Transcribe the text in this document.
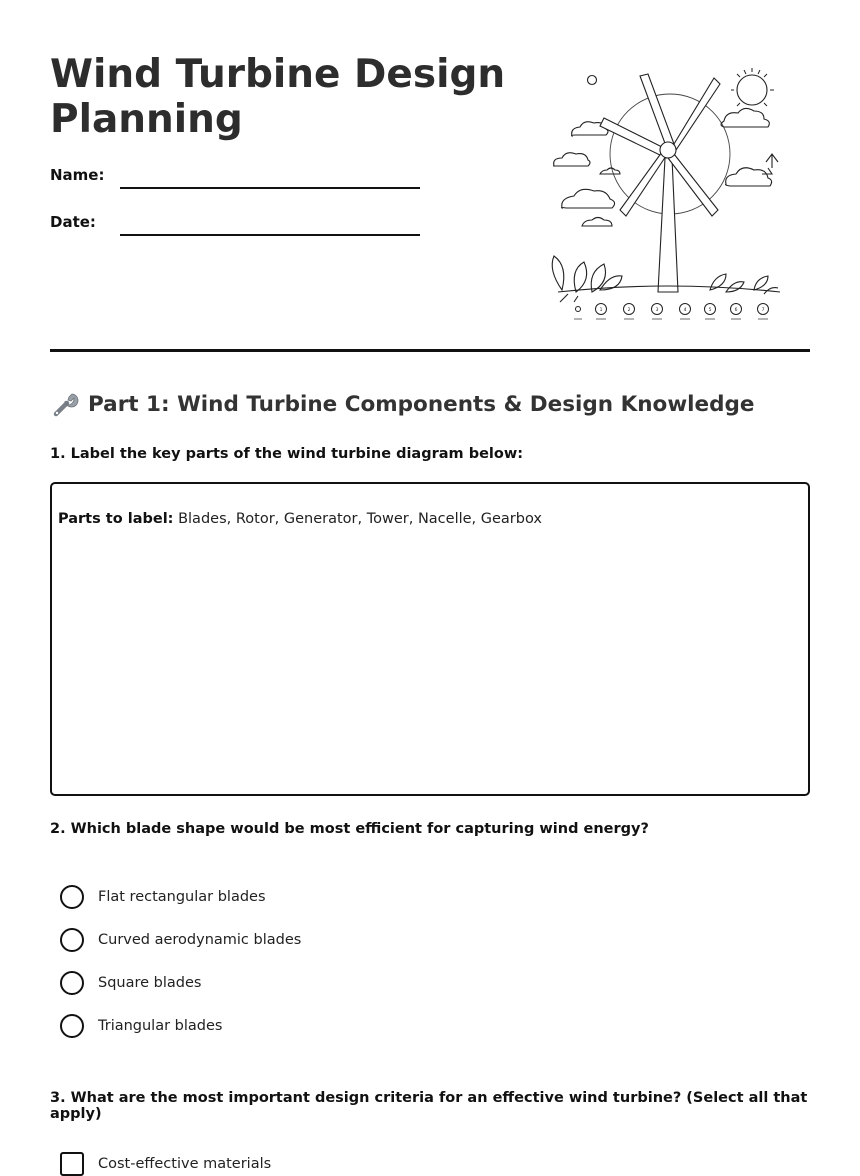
Wind Turbine Design Planning
Name:
Date:
1	2	3	4	5	6	7
Part 1: Wind Turbine Components & Design Knowledge
1. Label the key parts of the wind turbine diagram below:
Parts to label: Blades, Rotor, Generator, Tower, Nacelle, Gearbox
2. Which blade shape would be most efficient for capturing wind energy?
Flat rectangular blades
Curved aerodynamic blades
Square blades
Triangular blades
3. What are the most important design criteria for an effective wind turbine? (Select all that apply)
Cost-effective materials
